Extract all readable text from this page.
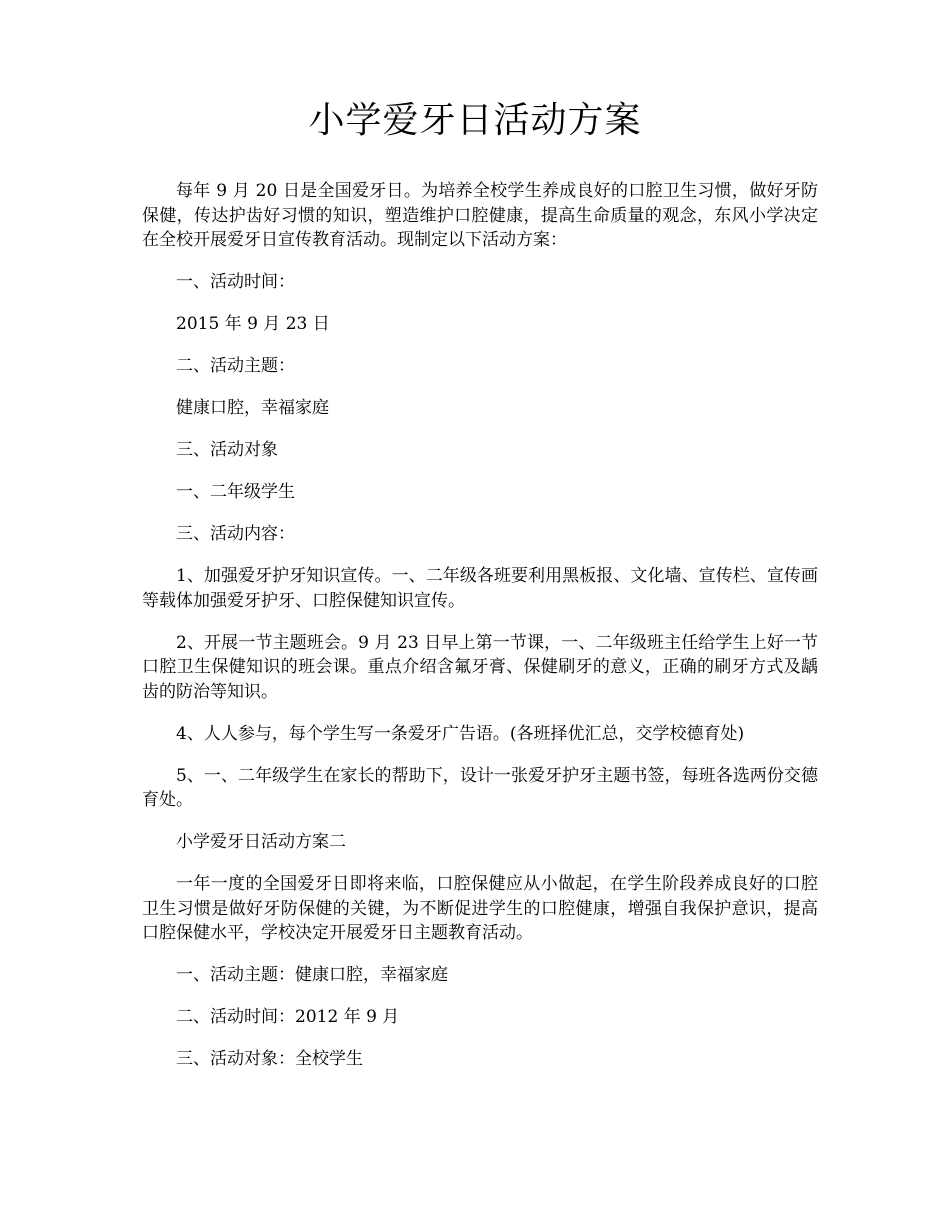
小学爱牙日活动方案

每年 9 月 20 日是全国爱牙日。为培养全校学生养成良好的口腔卫生习惯，做好牙防保健，传达护齿好习惯的知识，塑造维护口腔健康，提高生命质量的观念，东风小学决定在全校开展爱牙日宣传教育活动。现制定以下活动方案：

一、活动时间：

2015 年 9 月 23 日

二、活动主题：

健康口腔，幸福家庭

三、活动对象

一、二年级学生

三、活动内容：

1、加强爱牙护牙知识宣传。一、二年级各班要利用黑板报、文化墙、宣传栏、宣传画等载体加强爱牙护牙、口腔保健知识宣传。

2、开展一节主题班会。9 月 23 日早上第一节课，一、二年级班主任给学生上好一节口腔卫生保健知识的班会课。重点介绍含氟牙膏、保健刷牙的意义，正确的刷牙方式及龋齿的防治等知识。

4、人人参与，每个学生写一条爱牙广告语。(各班择优汇总，交学校德育处)

5、一、二年级学生在家长的帮助下，设计一张爱牙护牙主题书签，每班各选两份交德育处。

小学爱牙日活动方案二

一年一度的全国爱牙日即将来临，口腔保健应从小做起，在学生阶段养成良好的口腔卫生习惯是做好牙防保健的关键，为不断促进学生的口腔健康，增强自我保护意识，提高口腔保健水平，学校决定开展爱牙日主题教育活动。

一、活动主题：健康口腔，幸福家庭

二、活动时间：2012 年 9 月

三、活动对象：全校学生
